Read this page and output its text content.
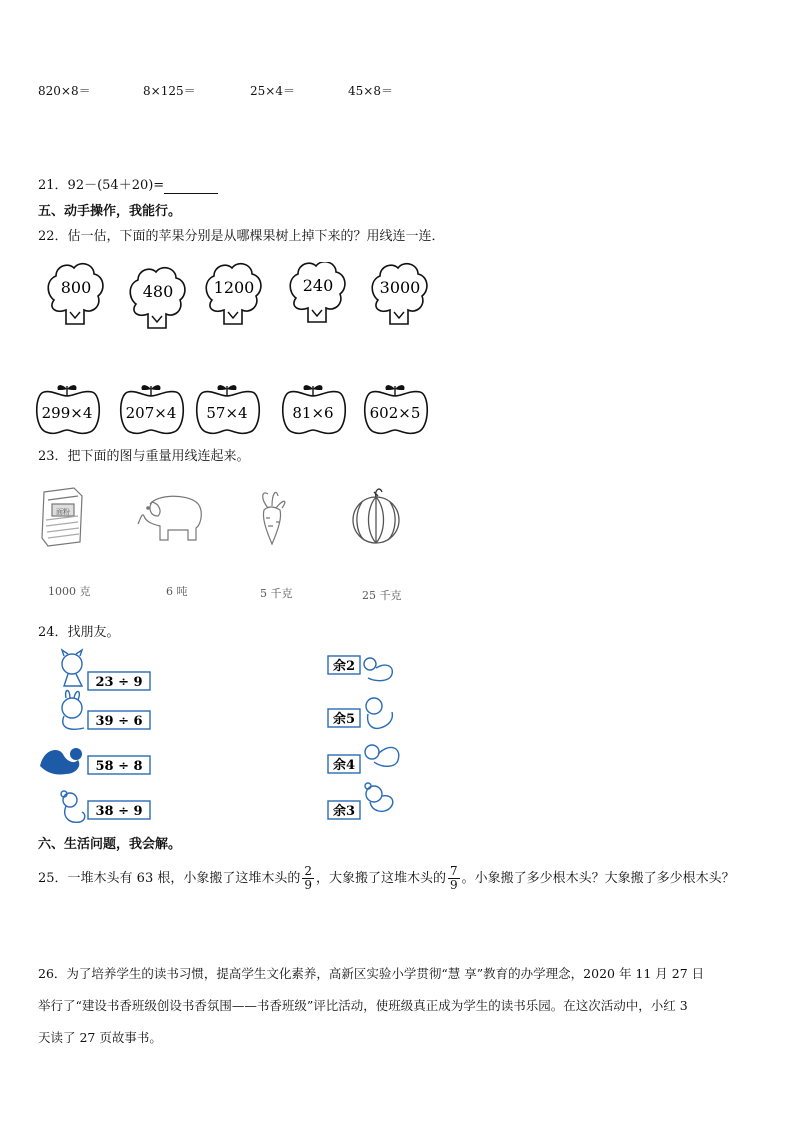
820×8＝	8×125＝	25×4＝	45×8＝
21．92－(54＋20)=
五、动手操作，我能行。
22．估一估，下面的苹果分别是从哪棵果树上掉下来的？用线连一连．
800	480	1200	240	3000
299×4 207×4 57×4	81×6 602×5
23．把下面的图与重量用线连起来。
面粉
1000 克	6 吨	5 千克	25 千克
24．找朋友。
23 ÷ 9
39 ÷ 6
58 ÷ 8
38 ÷ 9
余2
余5
余4
余3
六、生活问题，我会解。
25．一堆木头有 63 根，小象搬了这堆木头的 $\frac{2}{9}$ ，大象搬了这堆木头的 $\frac{7}{9}$ 。小象搬了多少根木头？大象搬了多少根木头？
26．为了培养学生的读书习惯，提高学生文化素养，高新区实验小学贯彻“慧 享”教育的办学理念，2020 年 11 月 27 日
举行了“建设书香班级创设书香氛围——书香班级”评比活动，使班级真正成为学生的读书乐园。在这次活动中，小红 3
天读了 27 页故事书。
